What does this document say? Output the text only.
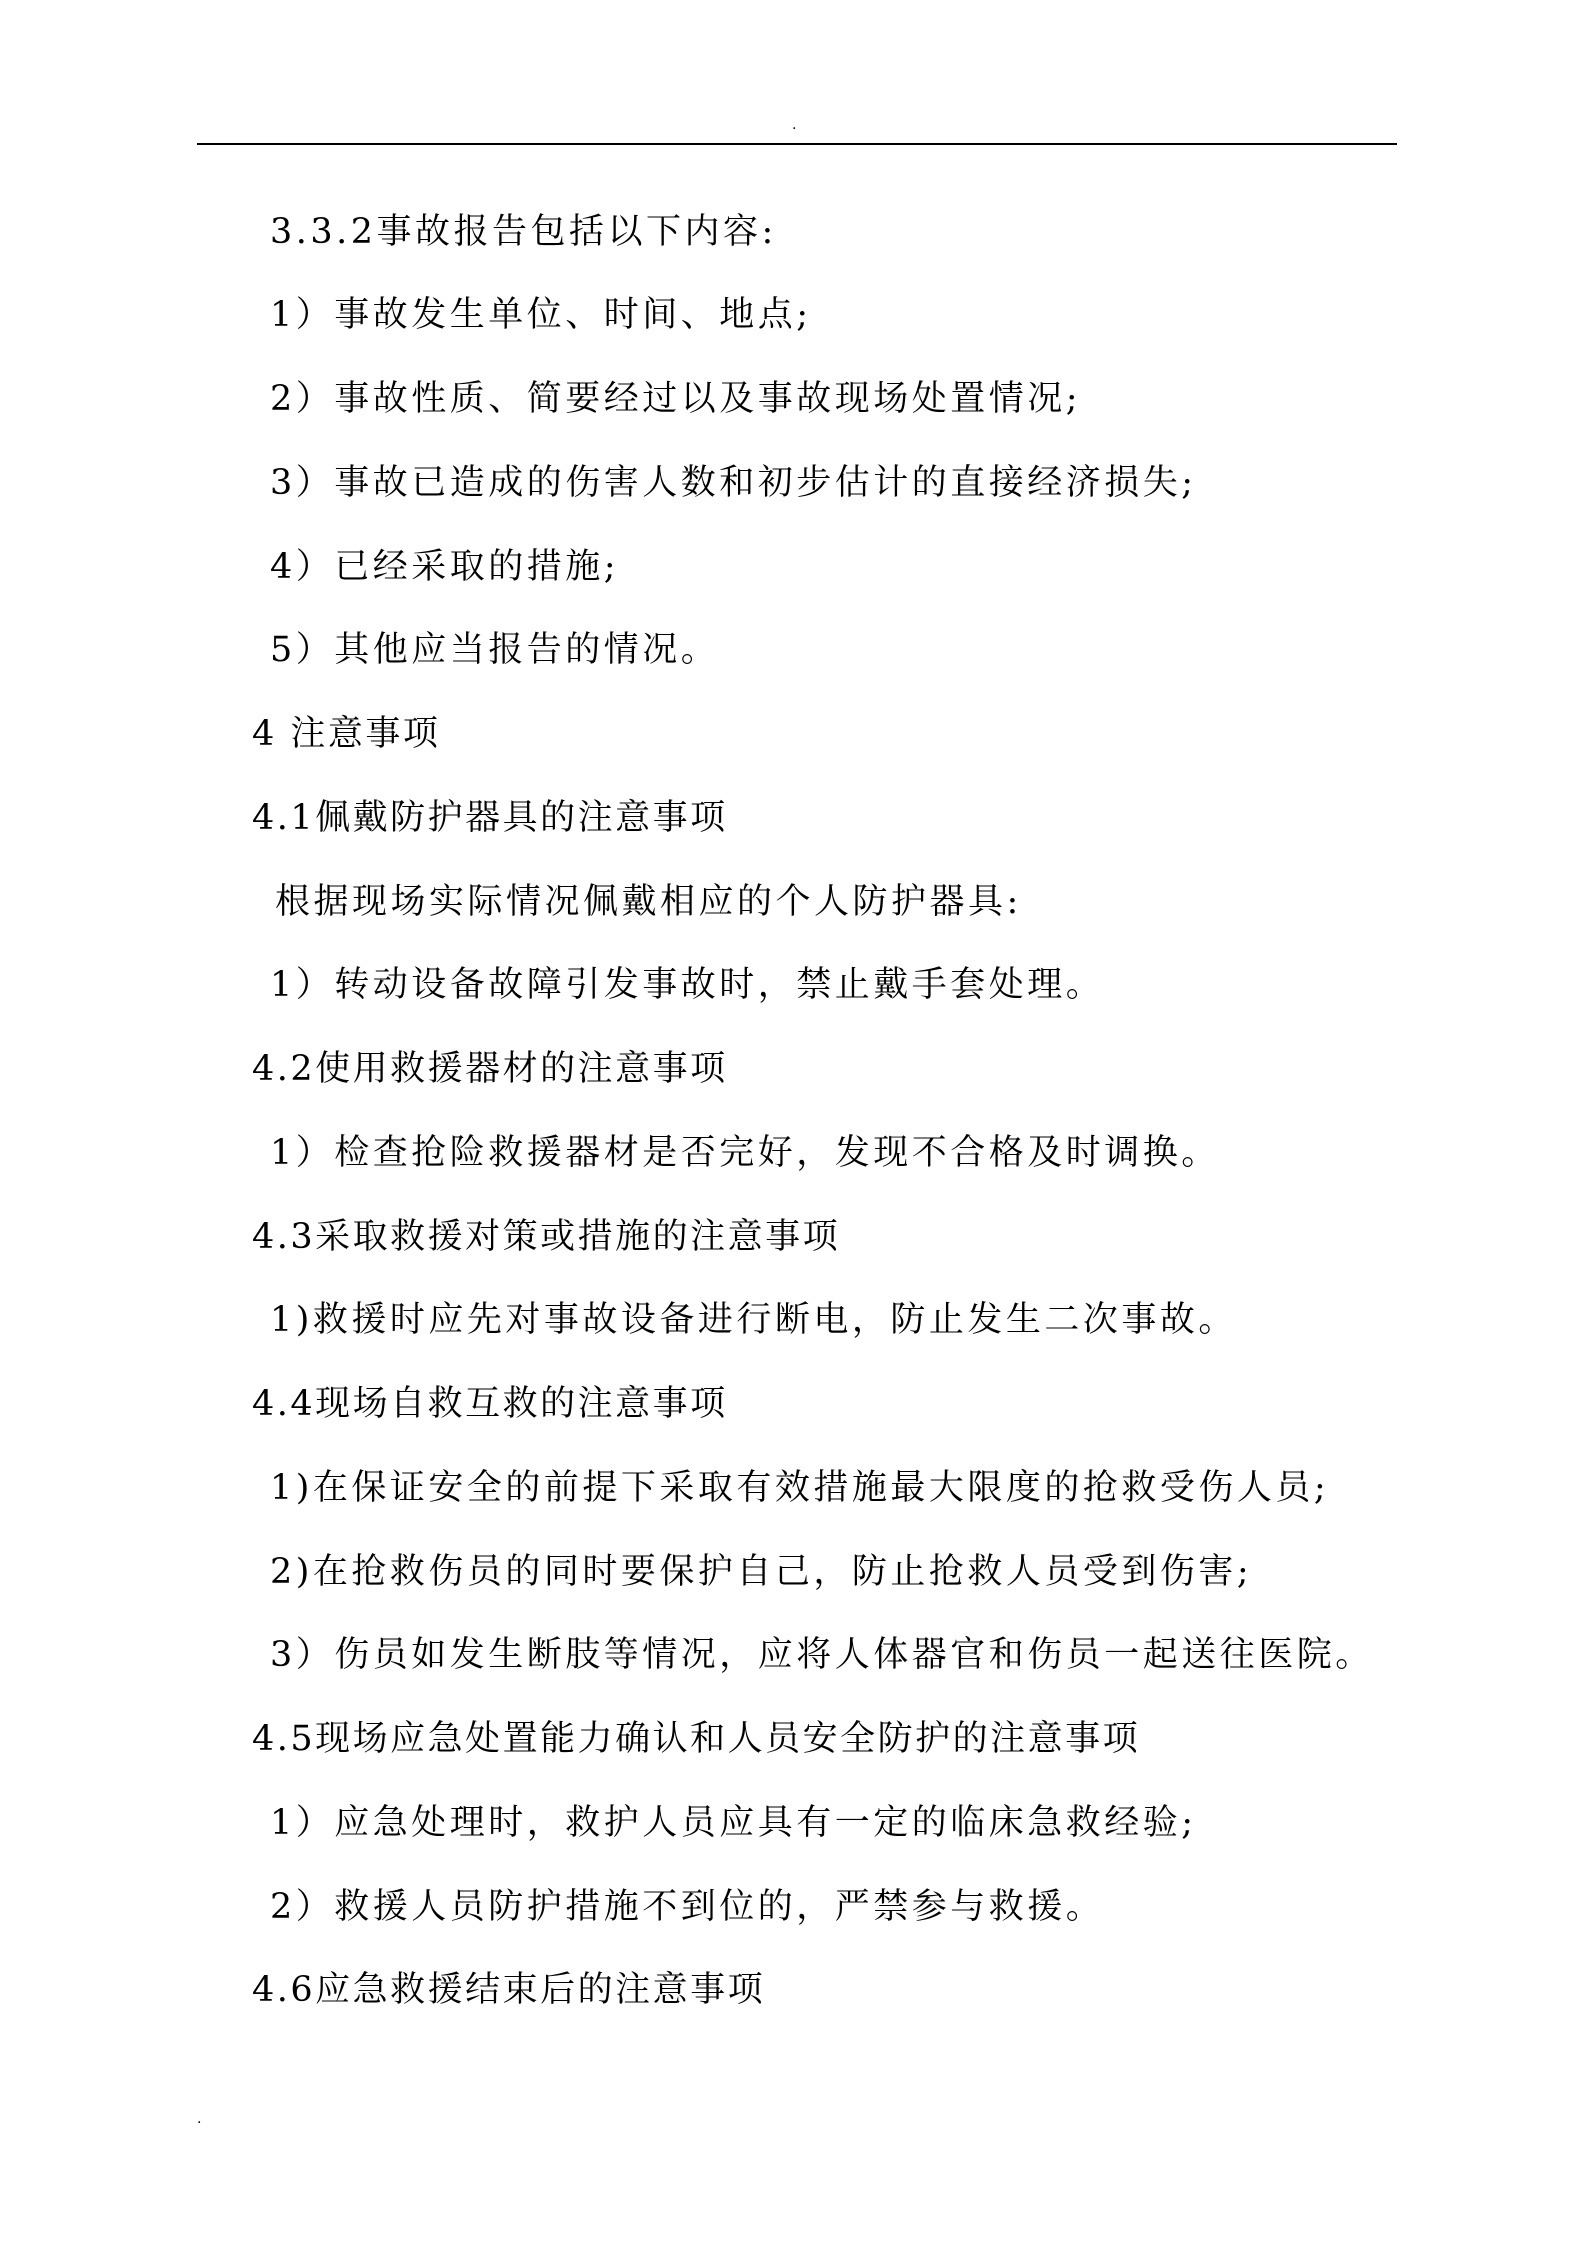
.
3.3.2事故报告包括以下内容:
1）事故发生单位、时间、地点;
2）事故性质、简要经过以及事故现场处置情况;
3）事故已造成的伤害人数和初步估计的直接经济损失;
4）已经采取的措施;
5）其他应当报告的情况。
4 注意事项
4.1佩戴防护器具的注意事项
根据现场实际情况佩戴相应的个人防护器具:
1）转动设备故障引发事故时，禁止戴手套处理。
4.2使用救援器材的注意事项
1）检查抢险救援器材是否完好，发现不合格及时调换。
4.3采取救援对策或措施的注意事项
1)救援时应先对事故设备进行断电，防止发生二次事故。
4.4现场自救互救的注意事项
1)在保证安全的前提下采取有效措施最大限度的抢救受伤人员;
2)在抢救伤员的同时要保护自己，防止抢救人员受到伤害;
3）伤员如发生断肢等情况，应将人体器官和伤员一起送往医院。
4.5现场应急处置能力确认和人员安全防护的注意事项
1）应急处理时，救护人员应具有一定的临床急救经验;
2）救援人员防护措施不到位的，严禁参与救援。
4.6应急救援结束后的注意事项
.
